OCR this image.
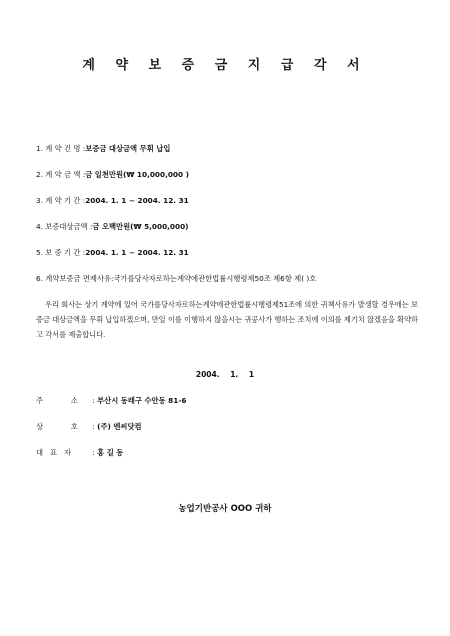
계 약 보 증 금 지 급 각 서
1. 계 약 건 명 :보증금 대상금액 무휘 납입
2. 계 약 금 액 :금 일천만원(₩ 10,000,000 )
3. 계 약 기 간 :2004. 1. 1 ~ 2004. 12. 31
4. 보증대상금액 :금 오백만원(₩ 5,000,000)
5. 보 증 기 간 :2004. 1. 1 ~ 2004. 12. 31
6. 계약보증금 면제사유:국가를당사자로하는계약에관한법률시행령제50조 제6항 제( )호
우리 회사는 상기 계약에 있어 국가를당사자로하는계약에관한법률시행령제51조에 의한 귀책사유가 발생할 경우에는 보증금 대상금액을 무휘 납입하겠으며, 만일 이를 이행하지 않을시는 귀공사가 행하는 조치에 이의를 제기치 않겠음을 확약하고 각서를 제출합니다.
2004. 1. 1
주            소 : 부산시 동래구 수안동 81-6
상            호 : (주) 엔씨닷컴
대   표   자	: 홍 길 동
농업기반공사 OOO 귀하
